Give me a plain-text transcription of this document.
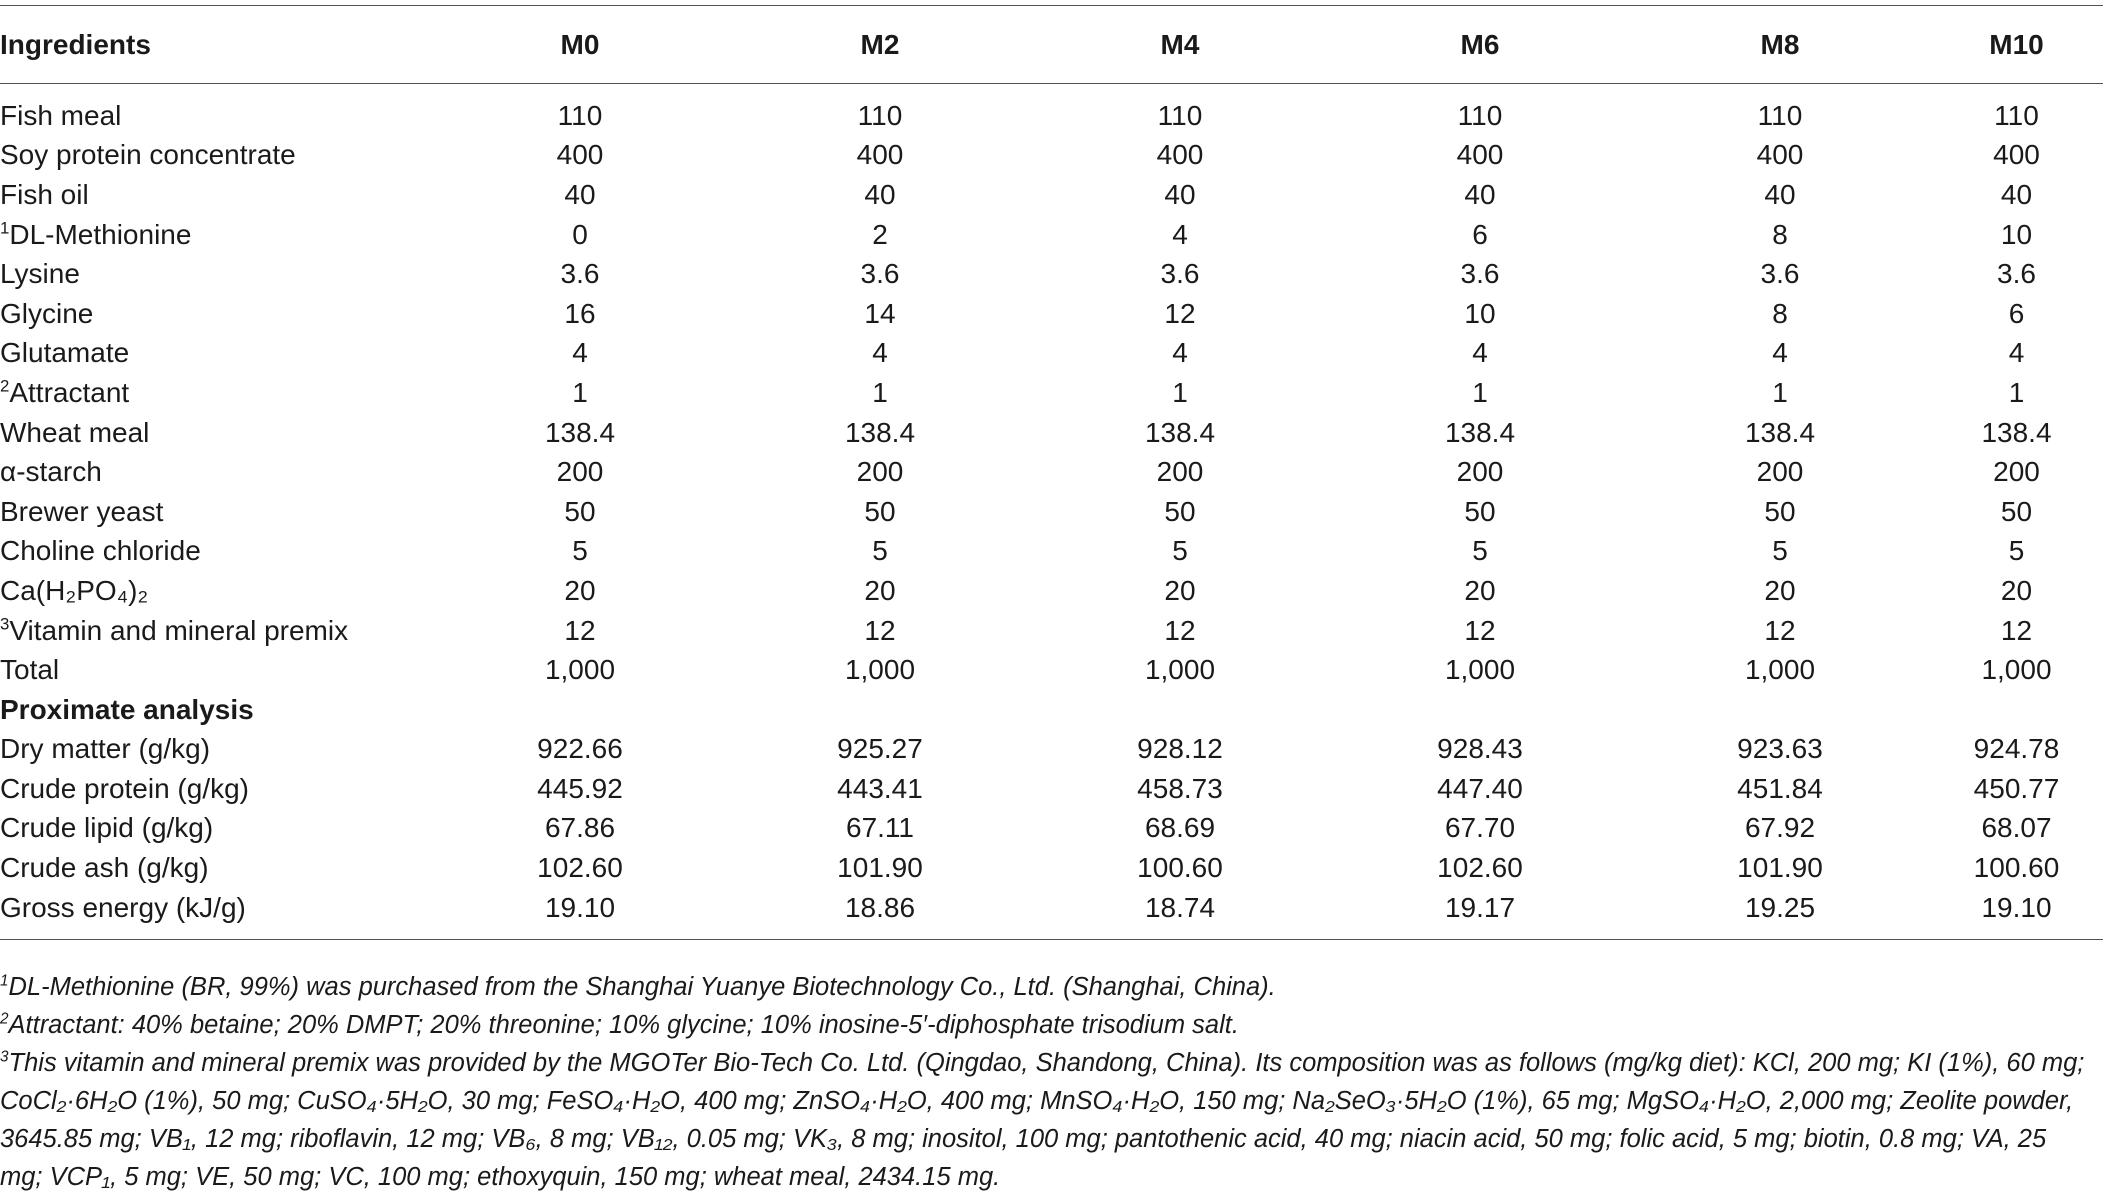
Ingredients	M0	M2	M4	M6	M8	M10
Fish meal	110	110	110	110	110	110
Soy protein concentrate	400	400	400	400	400	400
Fish oil	40	40	40	40	40	40
$^1$DL-Methionine	0	2	4	6	8	10
Lysine	3.6	3.6	3.6	3.6	3.6	3.6
Glycine	16	14	12	10	8	6
Glutamate	4	4	4	4	4	4
$^2$Attractant	1	1	1	1	1	1
Wheat meal	138.4	138.4	138.4	138.4	138.4	138.4
α-starch	200	200	200	200	200	200
Brewer yeast	50	50	50	50	50	50
Choline chloride	5	5	5	5	5	5
Ca(H₂PO₄)₂	20	20	20	20	20	20
$^3$Vitamin and mineral premix	12	12	12	12	12	12
Total	1,000	1,000	1,000	1,000	1,000	1,000
Proximate analysis						
Dry matter (g/kg)	922.66	925.27	928.12	928.43	923.63	924.78
Crude protein (g/kg)	445.92	443.41	458.73	447.40	451.84	450.77
Crude lipid (g/kg)	67.86	67.11	68.69	67.70	67.92	68.07
Crude ash (g/kg)	102.60	101.90	100.60	102.60	101.90	100.60
Gross energy (kJ/g)	19.10	18.86	18.74	19.17	19.25	19.10

$^1$DL-Methionine (BR, 99%) was purchased from the Shanghai Yuanye Biotechnology Co., Ltd. (Shanghai, China).

$^2$Attractant: 40% betaine; 20% DMPT; 20% threonine; 10% glycine; 10% inosine-5′-diphosphate trisodium salt.

$^3$This vitamin and mineral premix was provided by the MGOTer Bio-Tech Co. Ltd. (Qingdao, Shandong, China). Its composition was as follows (mg/kg diet): KCl, 200 mg; KI (1%), 60 mg; CoCl₂·6H₂O (1%), 50 mg; CuSO₄·5H₂O, 30 mg; FeSO₄·H₂O, 400 mg; ZnSO₄·H₂O, 400 mg; MnSO₄·H₂O, 150 mg; Na₂SeO₃·5H₂O (1%), 65 mg; MgSO₄·H₂O, 2,000 mg; Zeolite powder, 3645.85 mg; VB₁, 12 mg; riboflavin, 12 mg; VB₆, 8 mg; VB₁₂, 0.05 mg; VK₃, 8 mg; inositol, 100 mg; pantothenic acid, 40 mg; niacin acid, 50 mg; folic acid, 5 mg; biotin, 0.8 mg; VA, 25 mg; VCP₁, 5 mg; VE, 50 mg; VC, 100 mg; ethoxyquin, 150 mg; wheat meal, 2434.15 mg.
